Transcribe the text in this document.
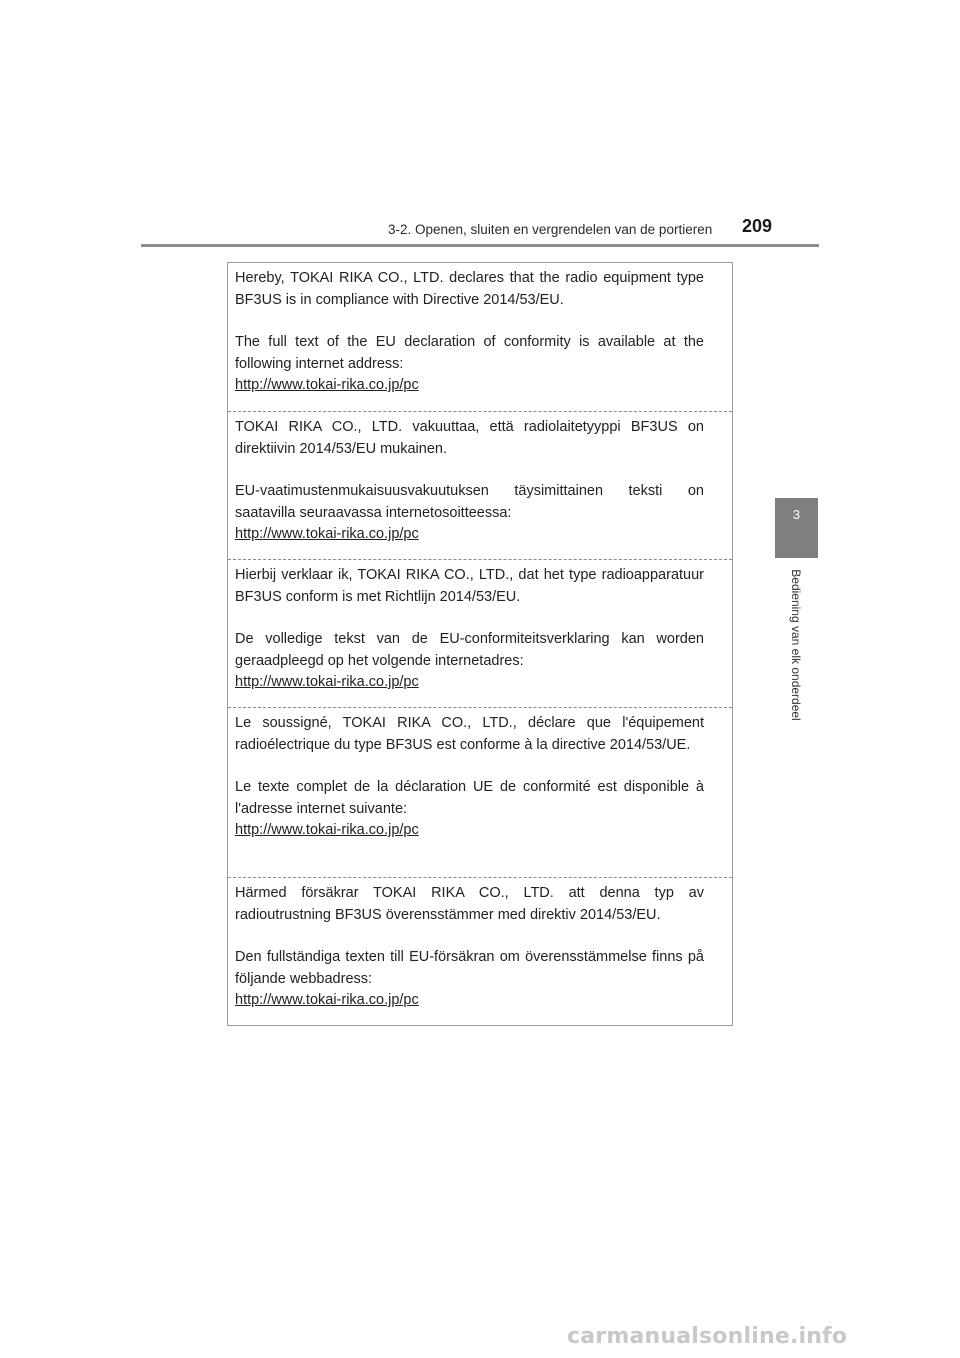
3-2. Openen, sluiten en vergrendelen van de portieren 209
3
Bediening van elk onderdeel

Hereby, TOKAI RIKA CO., LTD. declares that the radio equipment type BF3US is in compliance with Directive 2014/53/EU.

The full text of the EU declaration of conformity is available at the following internet address:

http://www.tokai-rika.co.jp/pc

TOKAI RIKA CO., LTD. vakuuttaa, että radiolaitetyyppi BF3US on direktiivin 2014/53/EU mukainen.

EU-vaatimustenmukaisuusvakuutuksen täysimittainen teksti on saatavilla seuraavassa internetosoitteessa:

http://www.tokai-rika.co.jp/pc

Hierbij verklaar ik, TOKAI RIKA CO., LTD., dat het type radioapparatuur BF3US conform is met Richtlijn 2014/53/EU.

De volledige tekst van de EU-conformiteitsverklaring kan worden geraadpleegd op het volgende internetadres:

http://www.tokai-rika.co.jp/pc

Le soussigné, TOKAI RIKA CO., LTD., déclare que l'équipement radioélectrique du type BF3US est conforme à la directive 2014/53/UE.

Le texte complet de la déclaration UE de conformité est disponible à l'adresse internet suivante:

http://www.tokai-rika.co.jp/pc

Härmed försäkrar TOKAI RIKA CO., LTD. att denna typ av radioutrustning BF3US överensstämmer med direktiv 2014/53/EU.

Den fullständiga texten till EU-försäkran om överensstämmelse finns på följande webbadress:

http://www.tokai-rika.co.jp/pc
carmanualsonline.info
